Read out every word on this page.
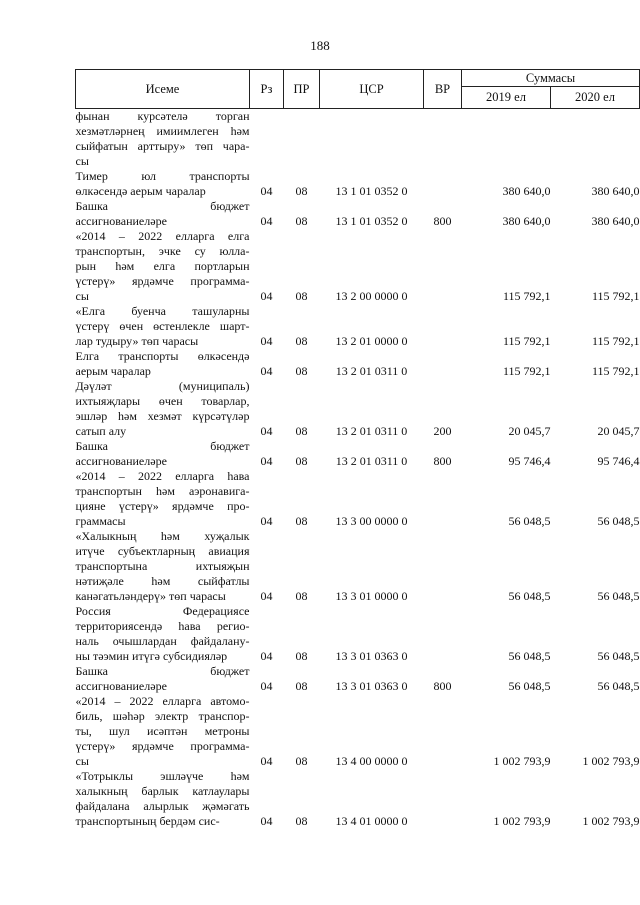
188
Исеме	Рз	ПР	ЦСР	ВР	Суммасы	
					2019 ел	2020 ел

фынан курсәтелә торган
хезмәтләрнең имиимлеген һәм
сыйфатын арттыру» төп чара-
сы						

Тимер юл транспорты
өлкәсендә аерым чаралар	04	08	13 1 01 0352 0		380 640,0	380 640,0

Башка бюджет
ассигнованиеләре	04	08	13 1 01 0352 0	800	380 640,0	380 640,0

«2014 – 2022 елларга елга
транспортын, эчке су юлла-
рын һәм елга портларын
үстерү» ярдәмче программа-
сы	04	08	13 2 00 0000 0		115 792,1	115 792,1

«Елга буенча ташуларны
үстерү өчен өстенлекле шарт-
лар тудыру» төп чарасы	04	08	13 2 01 0000 0		115 792,1	115 792,1

Елга транспорты өлкәсендә
аерым чаралар	04	08	13 2 01 0311 0		115 792,1	115 792,1

Дәүләт (муниципаль)
ихтыяҗлары өчен товарлар,
эшләр һәм хезмәт күрсәтүләр
сатып алу	04	08	13 2 01 0311 0	200	20 045,7	20 045,7

Башка бюджет
ассигнованиеләре	04	08	13 2 01 0311 0	800	95 746,4	95 746,4

«2014 – 2022 елларга һава
транспортын һәм аэронавига-
цияне үстерү» ярдәмче про-
граммасы	04	08	13 3 00 0000 0		56 048,5	56 048,5

«Халыкның һәм хуҗалык
итүче субъектларның авиация
транспортына ихтыяҗын
нәтиҗәле һәм сыйфатлы
канәгатьләндерү» төп чарасы	04	08	13 3 01 0000 0		56 048,5	56 048,5

Россия Федерациясе
территориясендә һава регио-
наль очышлардан файдалану-
ны тәэмин итүгә субсидияләр	04	08	13 3 01 0363 0		56 048,5	56 048,5

Башка бюджет
ассигнованиеләре	04	08	13 3 01 0363 0	800	56 048,5	56 048,5

«2014 – 2022 елларга автомо-
биль, шәһәр электр транспор-
ты, шул исәптән метроны
үстерү» ярдәмче программа-
сы	04	08	13 4 00 0000 0		1 002 793,9	1 002 793,9

«Тотрыклы эшләүче һәм
халыкның барлык катлаулары
файдалана алырлык җәмәгать
транспортының бердәм сис-	04	08	13 4 01 0000 0		1 002 793,9	1 002 793,9
